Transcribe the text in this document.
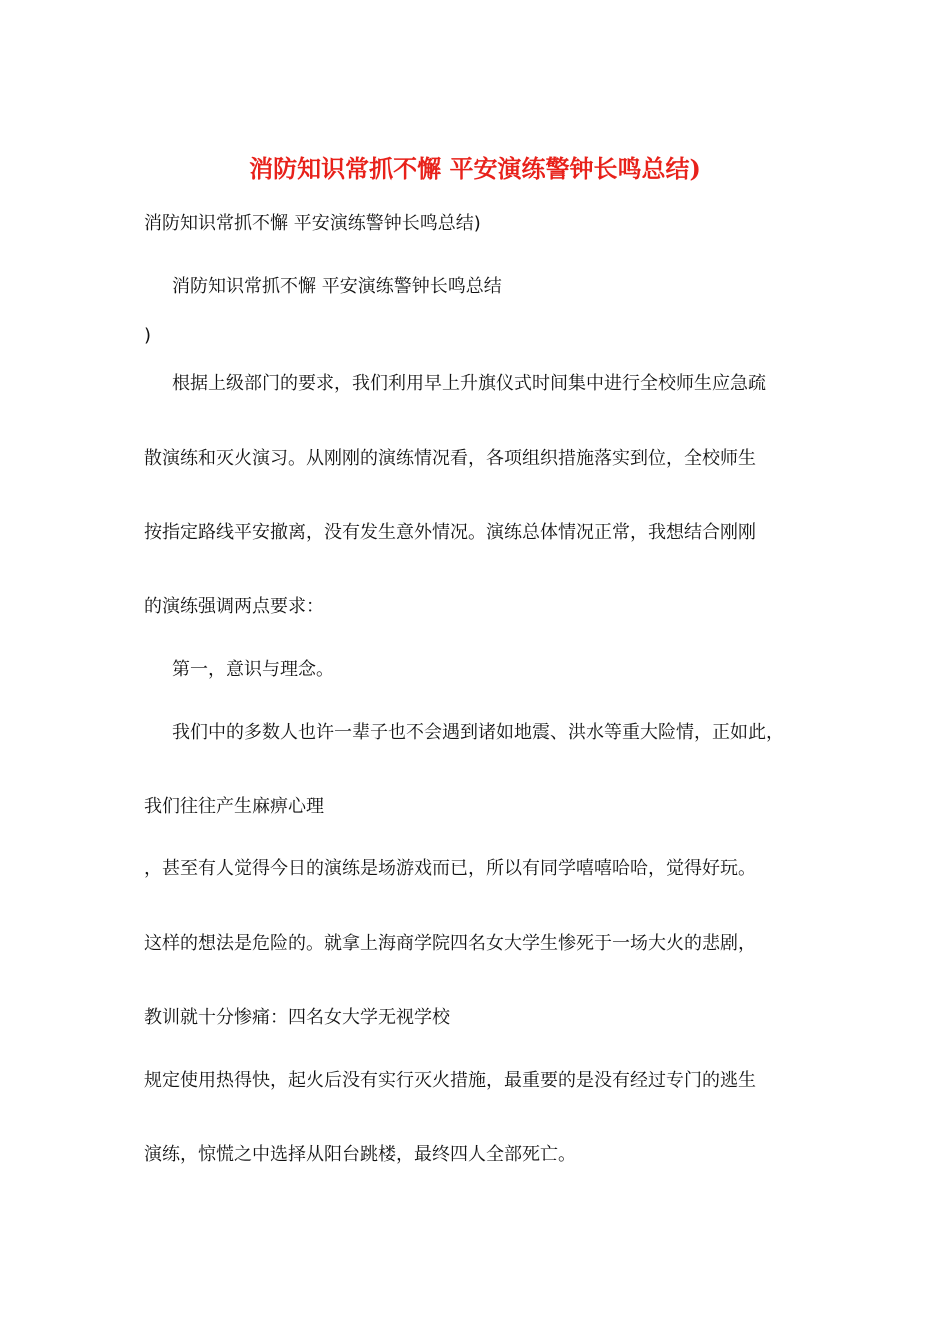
消防知识常抓不懈 平安演练警钟长鸣总结)
消防知识常抓不懈 平安演练警钟长鸣总结)
消防知识常抓不懈 平安演练警钟长鸣总结
)
根据上级部门的要求，我们利用早上升旗仪式时间集中进行全校师生应急疏
散演练和灭火演习。从刚刚的演练情况看，各项组织措施落实到位，全校师生
按指定路线平安撤离，没有发生意外情况。演练总体情况正常，我想结合刚刚
的演练强调两点要求：
第一，意识与理念。
我们中的多数人也许一辈子也不会遇到诸如地震、洪水等重大险情，正如此，
我们往往产生麻痹心理
，甚至有人觉得今日的演练是场游戏而已，所以有同学嘻嘻哈哈，觉得好玩。
这样的想法是危险的。就拿上海商学院四名女大学生惨死于一场大火的悲剧，
教训就十分惨痛：四名女大学无视学校
规定使用热得快，起火后没有实行灭火措施，最重要的是没有经过专门的逃生
演练，惊慌之中选择从阳台跳楼，最终四人全部死亡。
